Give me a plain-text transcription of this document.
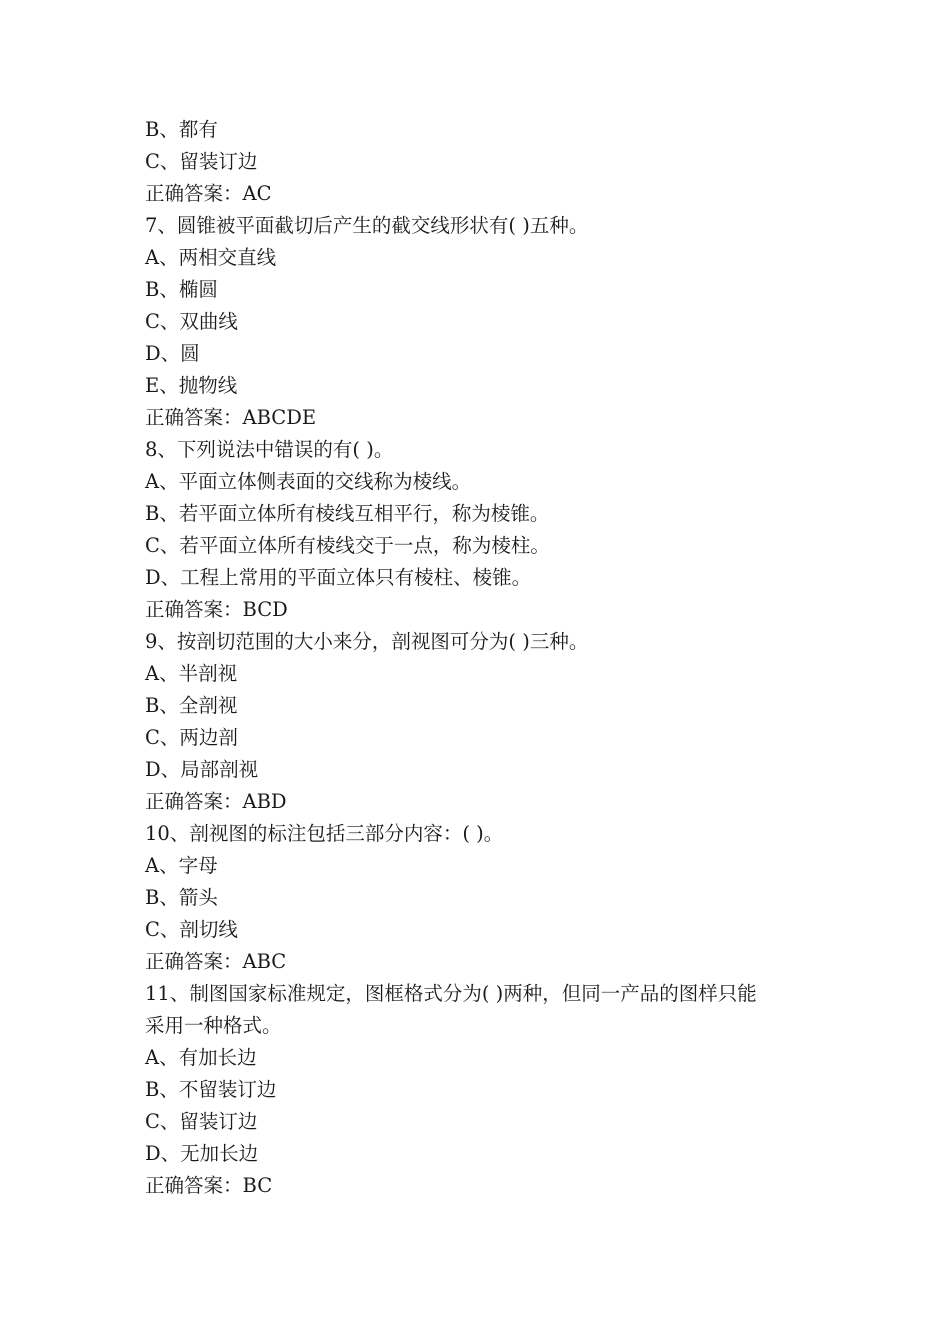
B、都有
C、留装订边
正确答案：AC
7、圆锥被平面截切后产生的截交线形状有( )五种。
A、两相交直线
B、椭圆
C、双曲线
D、圆
E、抛物线
正确答案：ABCDE
8、下列说法中错误的有( )。
A、平面立体侧表面的交线称为棱线。
B、若平面立体所有棱线互相平行，称为棱锥。
C、若平面立体所有棱线交于一点，称为棱柱。
D、工程上常用的平面立体只有棱柱、棱锥。
正确答案：BCD
9、按剖切范围的大小来分，剖视图可分为( )三种。
A、半剖视
B、全剖视
C、两边剖
D、局部剖视
正确答案：ABD
10、剖视图的标注包括三部分内容：( )。
A、字母
B、箭头
C、剖切线
正确答案：ABC
11、制图国家标准规定，图框格式分为( )两种，但同一产品的图样只能
采用一种格式。
A、有加长边
B、不留装订边
C、留装订边
D、无加长边
正确答案：BC
